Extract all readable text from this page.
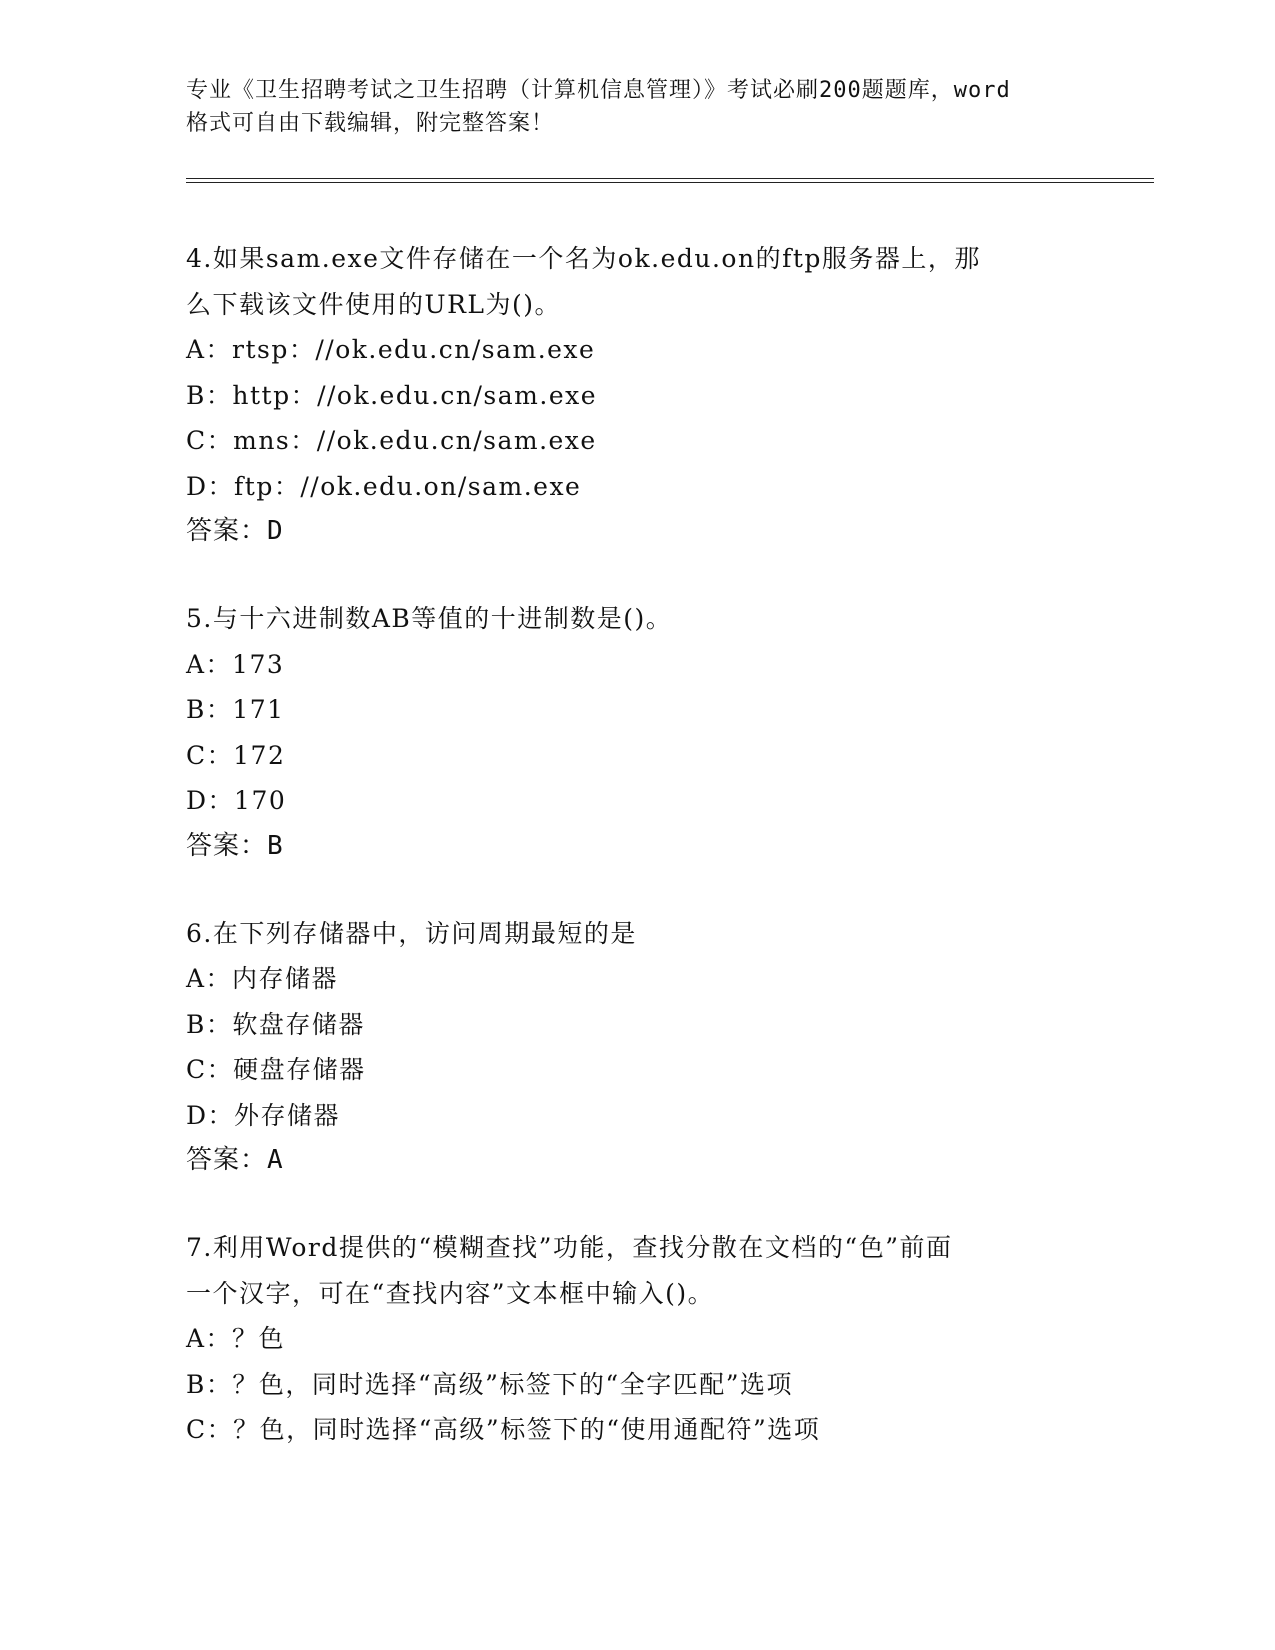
专业《卫生招聘考试之卫生招聘（计算机信息管理）》考试必刷200题题库，word
格式可自由下载编辑，附完整答案！
4.如果sam.exe文件存储在一个名为ok.edu.on的ftp服务器上，那
么下载该文件使用的URL为()。
A：rtsp：//ok.edu.cn/sam.exe
B：http：//ok.edu.cn/sam.exe
C：mns：//ok.edu.cn/sam.exe
D：ftp：//ok.edu.on/sam.exe
答案：D
5.与十六进制数AB等值的十进制数是()。
A：173
B：171
C：172
D：170
答案：B
6.在下列存储器中，访问周期最短的是
A：内存储器
B：软盘存储器
C：硬盘存储器
D：外存储器
答案：A
7.利用Word提供的“模糊查找”功能，查找分散在文档的“色”前面
一个汉字，可在“查找内容”文本框中输入()。
A：？色
B：？色，同时选择“高级”标签下的“全字匹配”选项
C：？色，同时选择“高级”标签下的“使用通配符”选项
